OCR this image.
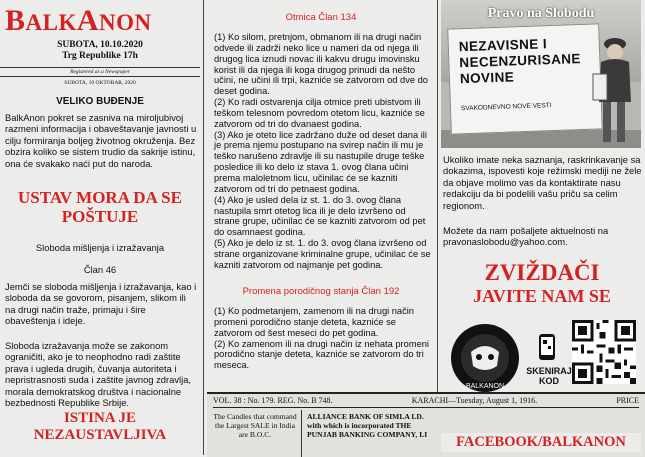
BALKANON
SUBOTA, 10.10.2020
Trg Republike 17h
Registered as a Newspaper
SUBOTA, 10 OKTOBAR, 2020
VELIKO BUĐENJE

BalkAnon pokret se zasniva na miroljubivoj razmeni informacija i obaveštavanje javnosti u cilju formiranja boljeg životnog okruženja. Bez obzira koliko se sistem trudio da sakrije istinu, ona će svakako naći put do naroda.

USTAV MORA DA SE POŠTUJE
Sloboda mišljenja i izražavanja
Član 46

Jemči se sloboda mišljenja i izražavanja, kao i sloboda da se govorom, pisanjem, slikom ili na drugi način traže, primaju i šire obaveštenja i ideje.

Sloboda izražavanja može se zakonom ograničiti, ako je to neophodno radi zaštite prava i ugleda drugih, čuvanja autoriteta i nepristrasnosti suda i zaštite javnog zdravlja, morala demokratskog društva i nacionalne bezbednosti Republike Srbije.

ISTINA JE NEZAUSTAVLJIVA
Otmica Član 134

(1) Ko silom, pretnjom, obmanom ili na drugi način odvede ili zadrži neko lice u nameri da od njega ili drugog lica iznudi novac ili kakvu drugu imovinsku korist ili da njega ili koga drugog prinudi da nešto učini, ne učini ili trpi, kazniće se zatvorom od dve do deset godina.
(2) Ko radi ostvarenja cilja otmice preti ubistvom ili teškom telesnom povredom otetom licu, kazniće se zatvorom od tri do dvanaest godina.
(3) Ako je oteto lice zadržano duže od deset dana ili je prema njemu postupano na svirep način ili mu je teško narušeno zdravlje ili su nastupile druge teške posledice ili ko delo iz stava 1. ovog člana učini prema maloletnom licu, učinilac će se kazniti zatvorom od tri do petnaest godina.
(4) Ako je usled dela iz st. 1. do 3. ovog člana nastupila smrt otetog lica ili je delo izvršeno od strane grupe, učinilac će se kazniti zatvorom od pet do osamnaest godina.
(5) Ako je delo iz st. 1. do 3. ovog člana izvršeno od strane organizovane kriminalne grupe, učinilac će se kazniti zatvorom od najmanje pet godina.

Promena porodičnog stanja Član 192

(1) Ko podmetanjem, zamenom ili na drugi način promeni porodično stanje deteta, kazniće se zatvorom od šest meseci do pet godina.
(2) Ko zamenom ili na drugi način iz nehata promeni porodično stanje deteta, kazniće se zatvorom do tri meseca.

Pravo na Slobodu
NEZAVISNE I NECENZURISANE NOVINE
SVAKODNEVNO NOVE VESTI

Ukoliko imate neka saznanja, raskrinkavanje sa dokazima, ispovesti koje režimski mediji ne žele da objave molimo vas da kontaktirate nasu redakciju da bi podelili vašu priču sa celim regionom.

Možete da nam pošaljete aktuelnosti na pravonaslobodu@yahoo.com.

ZVIŽDAČI
JAVITE NAM SE
BALKANON
SKENIRAJ KOD
VOL. 38 : No. 179. REG. No. B 748.	KARACHI—Tuesday, August 1, 1916.	PRICE
The Candles that command the Largest SALE in India are B.O.C.
ALLIANCE BANK OF SIMLA LD. with which is incorporated THE PUNJAB BANKING COMPANY, LI	FACEBOOK/BALKANON
